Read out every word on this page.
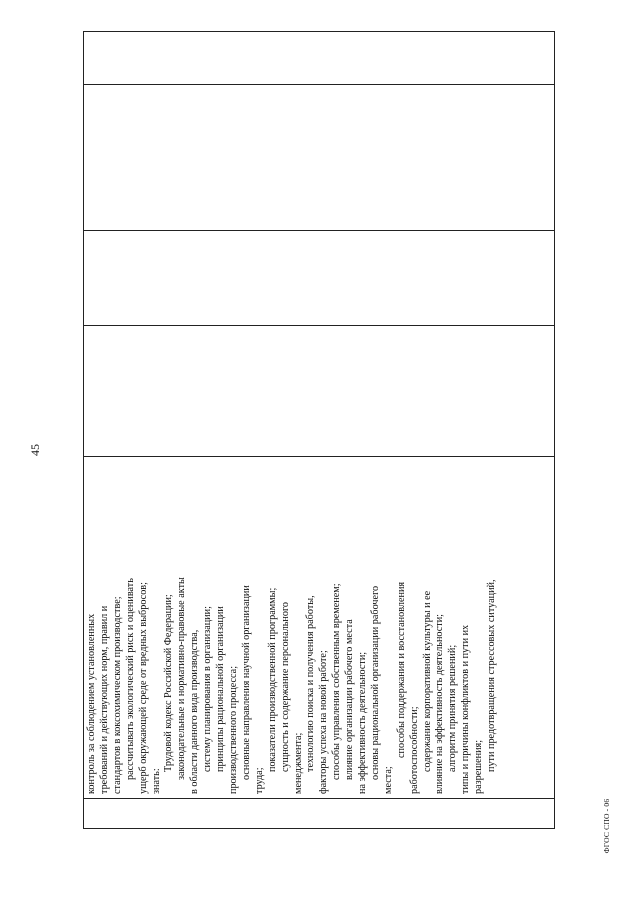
45
контроль за соблюдением установленных требований и действующих норм, правил и стандартов в коксохимическом производстве; рассчитывать экологический риск и оценивать ущерб окружающей среде от вредных выбросов; знать:
Трудовой кодекс Российской Федерации; законодательные и нормативно-правовые акты в области данного вида производства, систему планирования в организации; принципы рациональной организации производственного процесса; основные направления научной организации
труда;
показатели производственной программы; сущность и содержание персонального менеджмента; технологию поиска и получения работы, факторы успеха на новой работе; способы управления собственным временем; влияние организации рабочего места на эффективность деятельности; основы рациональной организации рабочего
места;
способы поддержания и восстановления работоспособности; содержание корпоративной культуры и ее влияние на эффективность деятельности; алгоритм принятия решений; типы и причины конфликтов и пути их разрешения; пути предотвращения стрессовых ситуаций,
ФГОС СПО - 06
